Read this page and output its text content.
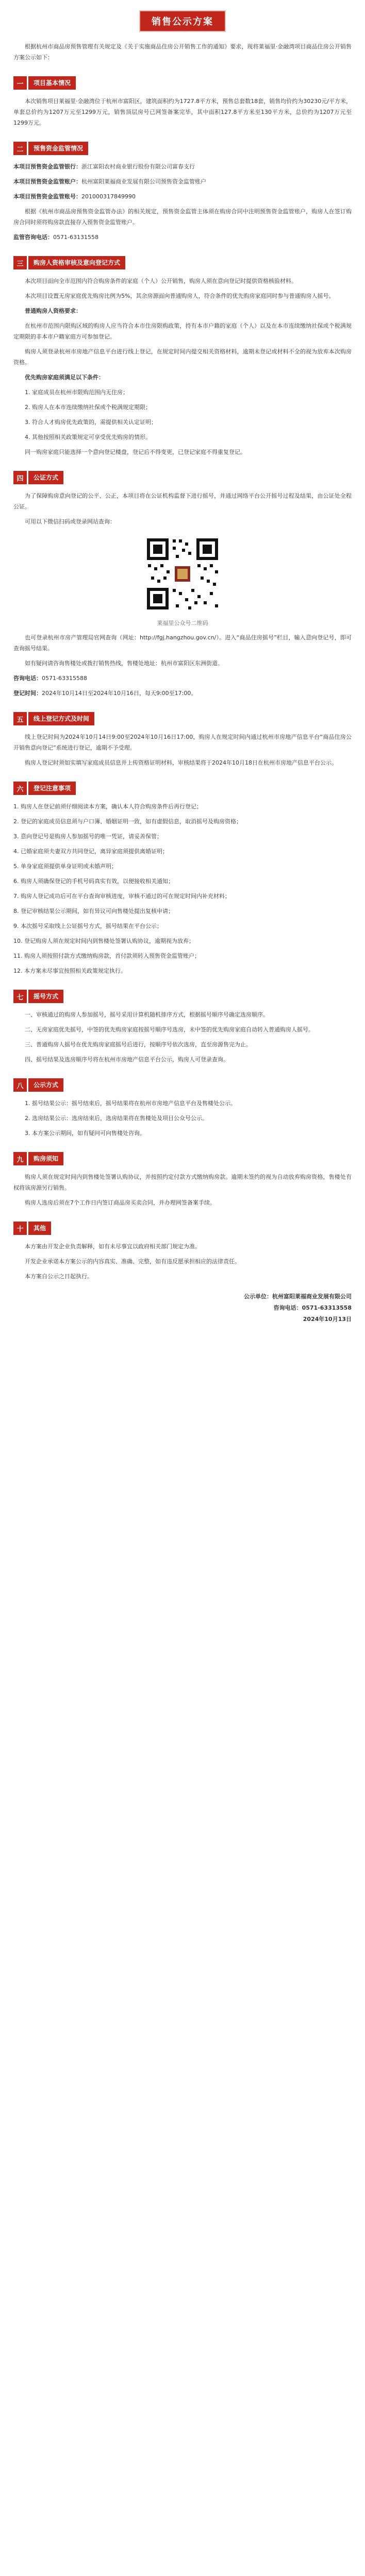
销售公示方案

根据杭州市商品房预售管理有关规定及《关于实施商品住房公开销售工作的通知》要求，现将莱福里·金融湾项目商品住房公开销售方案公示如下：

一	项目基本情况

本次销售项目莱福里·金融湾位于杭州市富阳区，建筑面积约为1727.8平方米，预售总套数18套，销售均价约为30230元/平方米，单套总价约为1207万元至1299万元，销售顶层房号已网签备案完毕，其中面积127.8平方米至130平方米，总价约为1207万元至1299万元。

二	预售资金监管情况

本项目预售资金监管银行：浙江富阳农村商业银行股份有限公司富春支行

本项目预售资金监管账户：杭州富阳莱福商业发展有限公司预售资金监管账户

本项目预售资金监管账号：201000317849990

根据《杭州市商品房预售资金监管办法》的相关规定，预售资金监管主体须在购房合同中注明预售资金监管账户，购房人在签订购房合同时须将购房款直接存入预售资金监管账户。

监管咨询电话：0571-63131558

三	购房人资格审核及意向登记方式

本次项目面向全市范围内符合购房条件的家庭（个人）公开销售，购房人须在意向登记时提供资格核验材料。

本次项目设置无房家庭优先购房比例为5%，其余房源面向普通购房人，符合条件的优先购房家庭同时参与普通购房人摇号。

普通购房人资格要求：

在杭州市范围内限购区域的购房人应当符合本市住房限购政策，持有本市户籍的家庭（个人）以及在本市连续缴纳社保或个税满规定期限的非本市户籍家庭方可参加登记。

购房人须登录杭州市房地产信息平台进行线上登记，在规定时间内提交相关资格材料，逾期未登记或材料不全的视为放弃本次购房资格。

优先购房家庭须满足以下条件：

1. 家庭成员在杭州市限购范围内无住房；

2. 购房人在本市连续缴纳社保或个税满规定期限；

3. 符合人才购房优先政策的，需提供相关认定证明；

4. 其他按照相关政策规定可享受优先购房的情形。

同一购房家庭只能选择一个意向登记楼盘，登记后不得变更，已登记家庭不得重复登记。

四	公证方式

为了保障购房意向登记的公平、公正，本项目将在公证机构监督下进行摇号，并通过网络平台公开摇号过程及结果，由公证处全程公证。

可用以下微信扫码或登录网站查询：

莱福里公众号二维码

也可登录杭州市房产管理局官网查询（网址：http://fgj.hangzhou.gov.cn/）。进入“商品住房摇号”栏目，输入意向登记号，即可查询摇号结果。

如有疑问请咨询售楼处或拨打销售热线，售楼处地址：杭州市富阳区东洲街道。

咨询电话：0571-63315588

登记时间：2024年10月14日至2024年10月16日，每天9:00至17:00。

五	线上登记方式及时间

线上登记时间为2024年10月14日9:00至2024年10月16日17:00，购房人在规定时间内通过杭州市房地产信息平台“商品住房公开销售意向登记”系统进行登记，逾期不予受理。

购房人登记时须如实填写家庭成员信息并上传资格证明材料，审核结果将于2024年10月18日在杭州市房地产信息平台公示。

六	登记注意事项

1. 购房人在登记前须仔细阅读本方案，确认本人符合购房条件后再行登记；

2. 登记的家庭成员信息须与户口簿、婚姻证明一致，如有虚假信息，取消摇号及购房资格；

3. 意向登记号是购房人参加摇号的唯一凭证，请妥善保管；

4. 已婚家庭须夫妻双方共同登记，离异家庭须提供离婚证明；

5. 单身家庭须提供单身证明或未婚声明；

6. 购房人须确保登记的手机号码真实有效，以便接收相关通知；

7. 购房人登记成功后可在平台查询审核进度，审核不通过的可在规定时间内补充材料；

8. 登记审核结果公示期间，如有异议可向售楼处提出复核申请；

9. 本次摇号采取线上公证摇号方式，摇号结果在平台公示；

10. 登记购房人须在规定时间内到售楼处签署认购协议，逾期视为放弃；

11. 购房人须按照付款方式缴纳购房款，首付款须转入预售资金监管账户；

12. 本方案未尽事宜按照相关政策规定执行。

七	摇号方式

一、审核通过的购房人参加摇号，摇号采用计算机随机排序方式，根据摇号顺序号确定选房顺序。

二、无房家庭优先摇号，中签的优先购房家庭按摇号顺序号选房，未中签的优先购房家庭自动转入普通购房人摇号。

三、普通购房人摇号在优先购房家庭摇号后进行，按顺序号依次选房，直至房源售完为止。

四、摇号结果及选房顺序号将在杭州市房地产信息平台公示，购房人可登录查询。

八	公示方式

1. 摇号结果公示：摇号结束后，摇号结果将在杭州市房地产信息平台及售楼处公示。

2. 选房结果公示：选房结束后，选房结果将在售楼处及项目公众号公示。

3. 本方案公示期间，如有疑问可向售楼处咨询。

九	购房须知

购房人须在规定时间内到售楼处签署认购协议，并按照约定付款方式缴纳购房款。逾期未签约的视为自动放弃购房资格，售楼处有权将该房源另行销售。

购房人选房后须在7个工作日内签订商品房买卖合同，并办理网签备案手续。

十	其他

本方案由开发企业负责解释，如有未尽事宜以政府相关部门规定为准。

开发企业承诺本方案公示的内容真实、准确、完整，如有违反愿承担相应的法律责任。

本方案自公示之日起执行。

公示单位：杭州富阳莱福商业发展有限公司
咨询电话：0571-63313558
2024年10月13日
